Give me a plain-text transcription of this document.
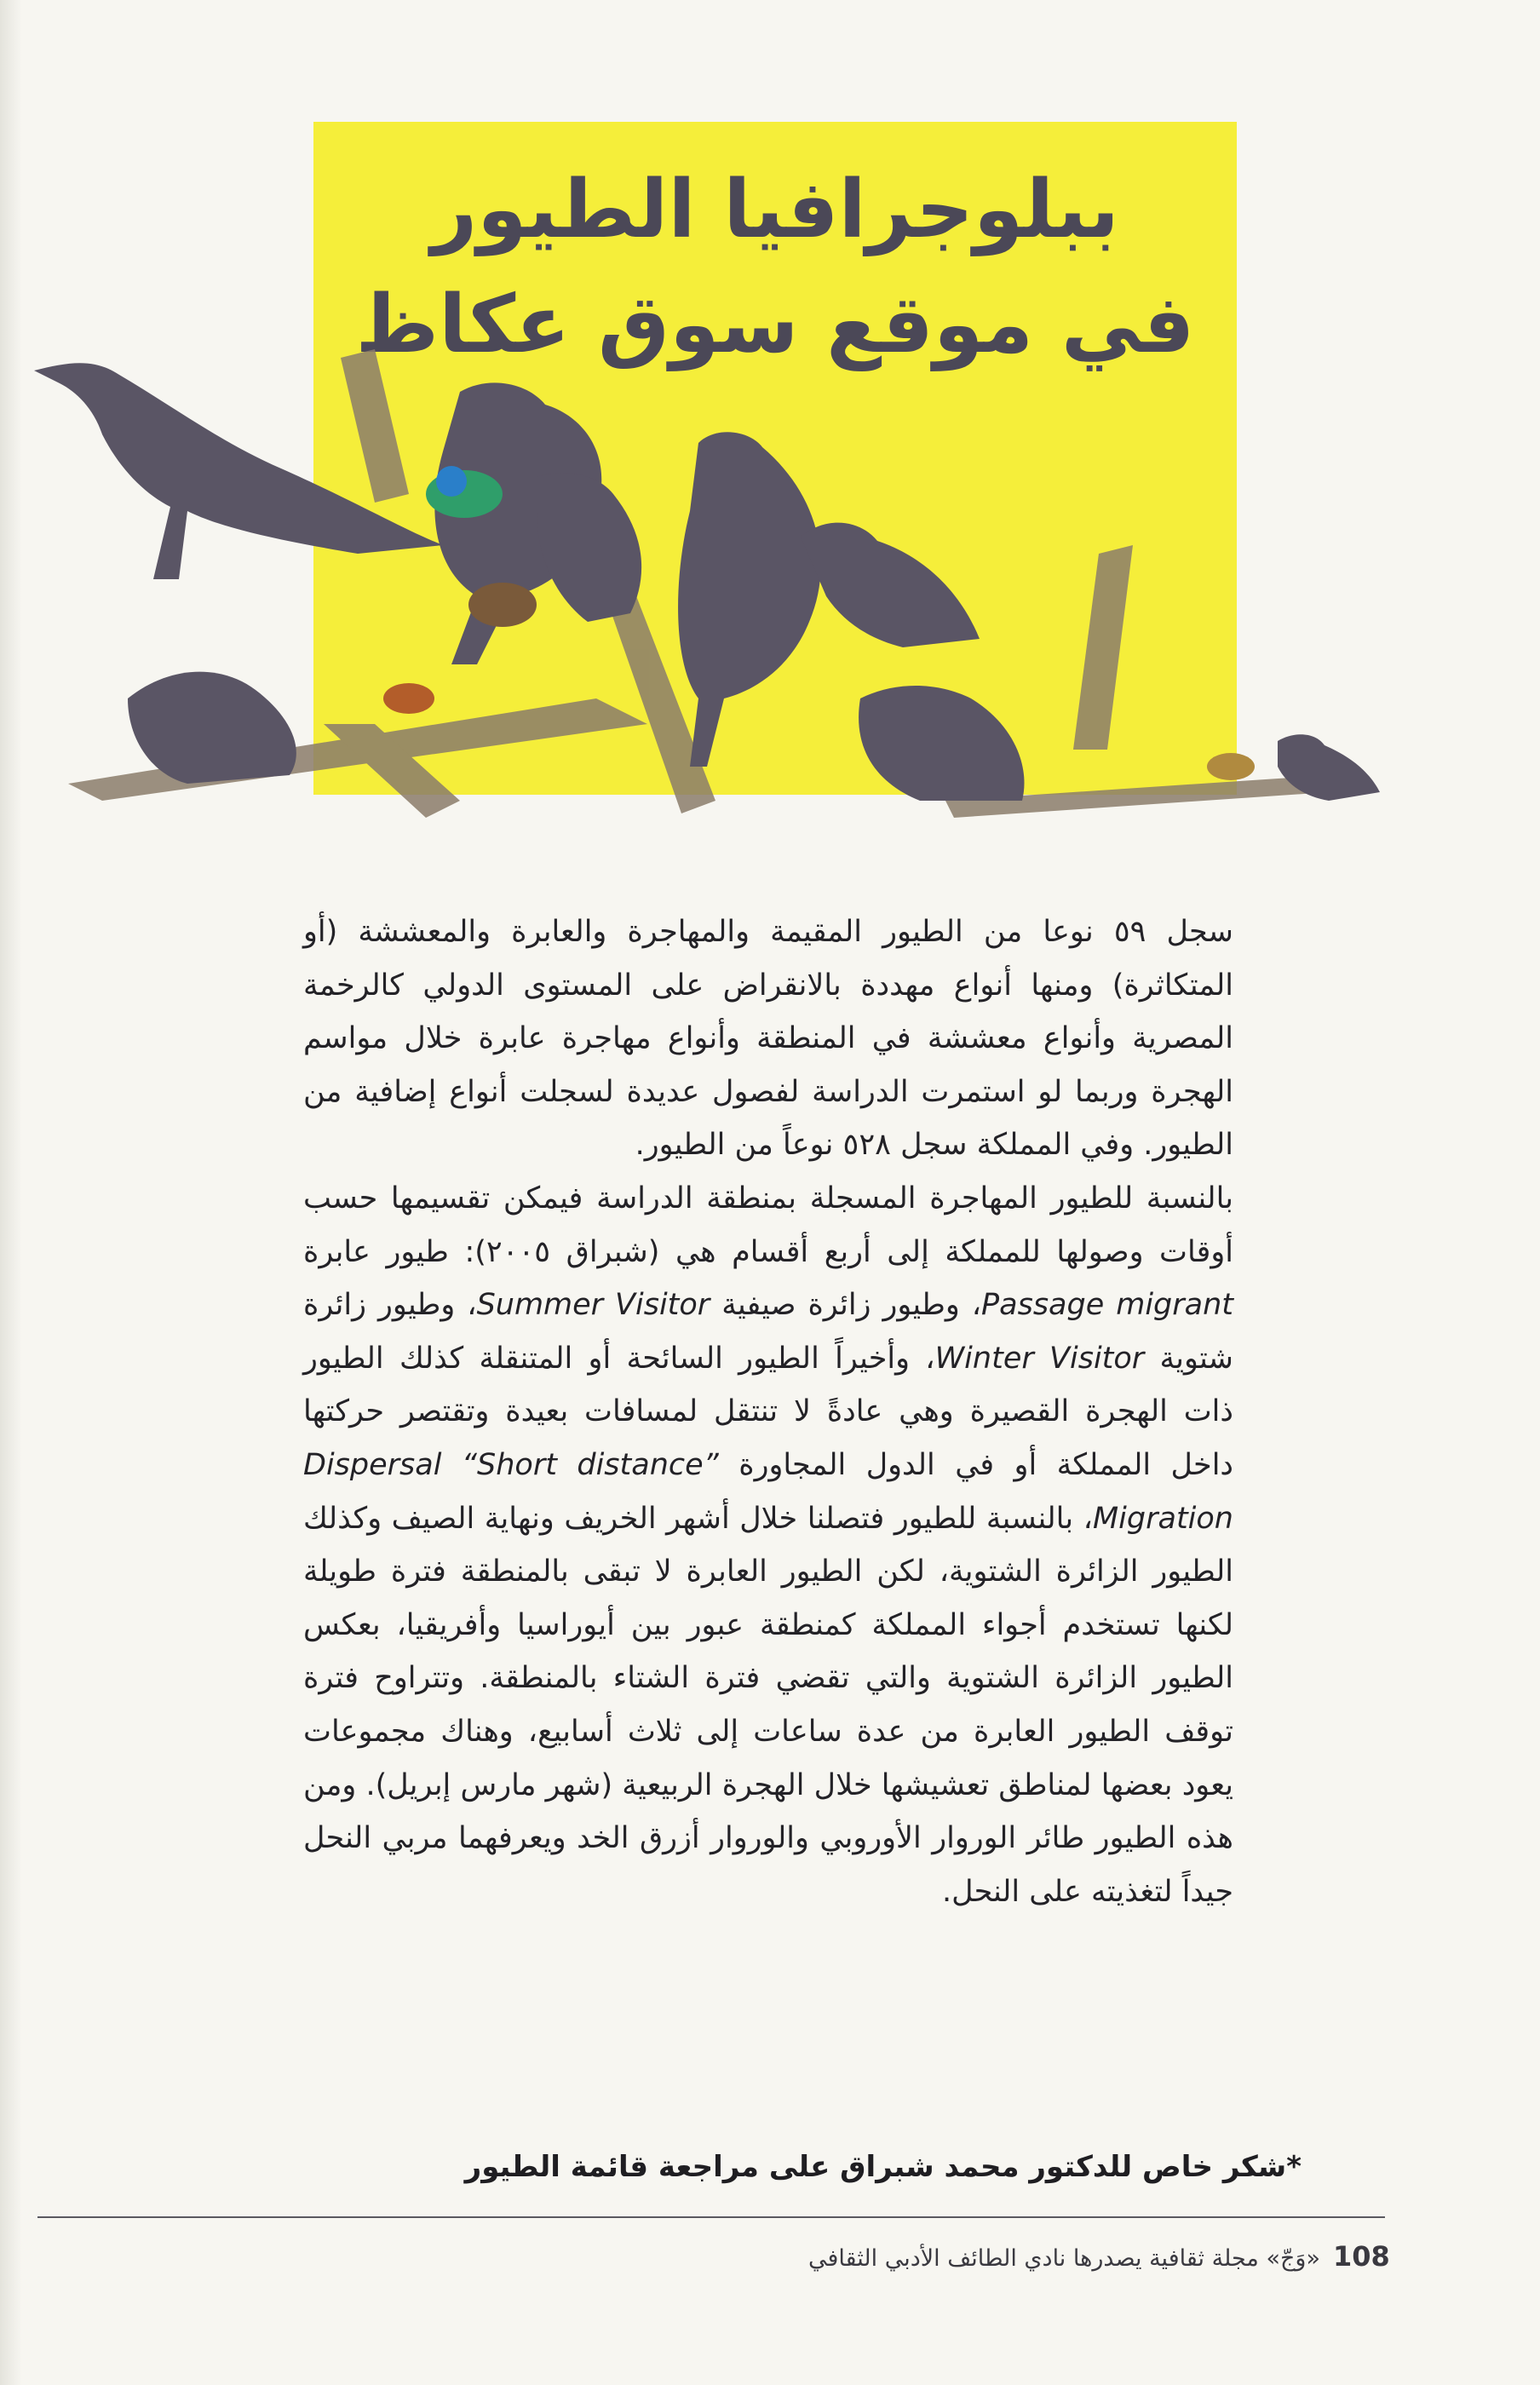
ببلوجرافيا الطيور
في موقع سوق عكاظ

سجل ٥٩ نوعا من الطيور المقيمة والمهاجرة والعابرة والمعششة (أو المتكاثرة) ومنها أنواع مهددة بالانقراض على المستوى الدولي كالرخمة المصرية وأنواع معششة في المنطقة وأنواع مهاجرة عابرة خلال مواسم الهجرة وربما لو استمرت الدراسة لفصول عديدة لسجلت أنواع إضافية من الطيور. وفي المملكة سجل ٥٢٨ نوعاً من الطيور.

بالنسبة للطيور المهاجرة المسجلة بمنطقة الدراسة فيمكن تقسيمها حسب أوقات وصولها للمملكة إلى أربع أقسام هي (شبراق ٢٠٠٥): طيور عابرة Passage migrant، وطيور زائرة صيفية Summer Visitor، وطيور زائرة شتوية Winter Visitor، وأخيراً الطيور السائحة أو المتنقلة كذلك الطيور ذات الهجرة القصيرة وهي عادةً لا تنتقل لمسافات بعيدة وتقتصر حركتها داخل المملكة أو في الدول المجاورة Dispersal “Short distance” Migration، بالنسبة للطيور فتصلنا خلال أشهر الخريف ونهاية الصيف وكذلك الطيور الزائرة الشتوية، لكن الطيور العابرة لا تبقى بالمنطقة فترة طويلة لكنها تستخدم أجواء المملكة كمنطقة عبور بين أيوراسيا وأفريقيا، بعكس الطيور الزائرة الشتوية والتي تقضي فترة الشتاء بالمنطقة. وتتراوح فترة توقف الطيور العابرة من عدة ساعات إلى ثلاث أسابيع، وهناك مجموعات يعود بعضها لمناطق تعشيشها خلال الهجرة الربيعية (شهر مارس إبريل). ومن هذه الطيور طائر الوروار الأوروبي والوروار أزرق الخد ويعرفهما مربي النحل جيداً لتغذيته على النحل.

*شكر خاص للدكتور محمد شبراق على مراجعة قائمة الطيور

«وَجّ» مجلة ثقافية يصدرها نادي الطائف الأدبي الثقافي 108
